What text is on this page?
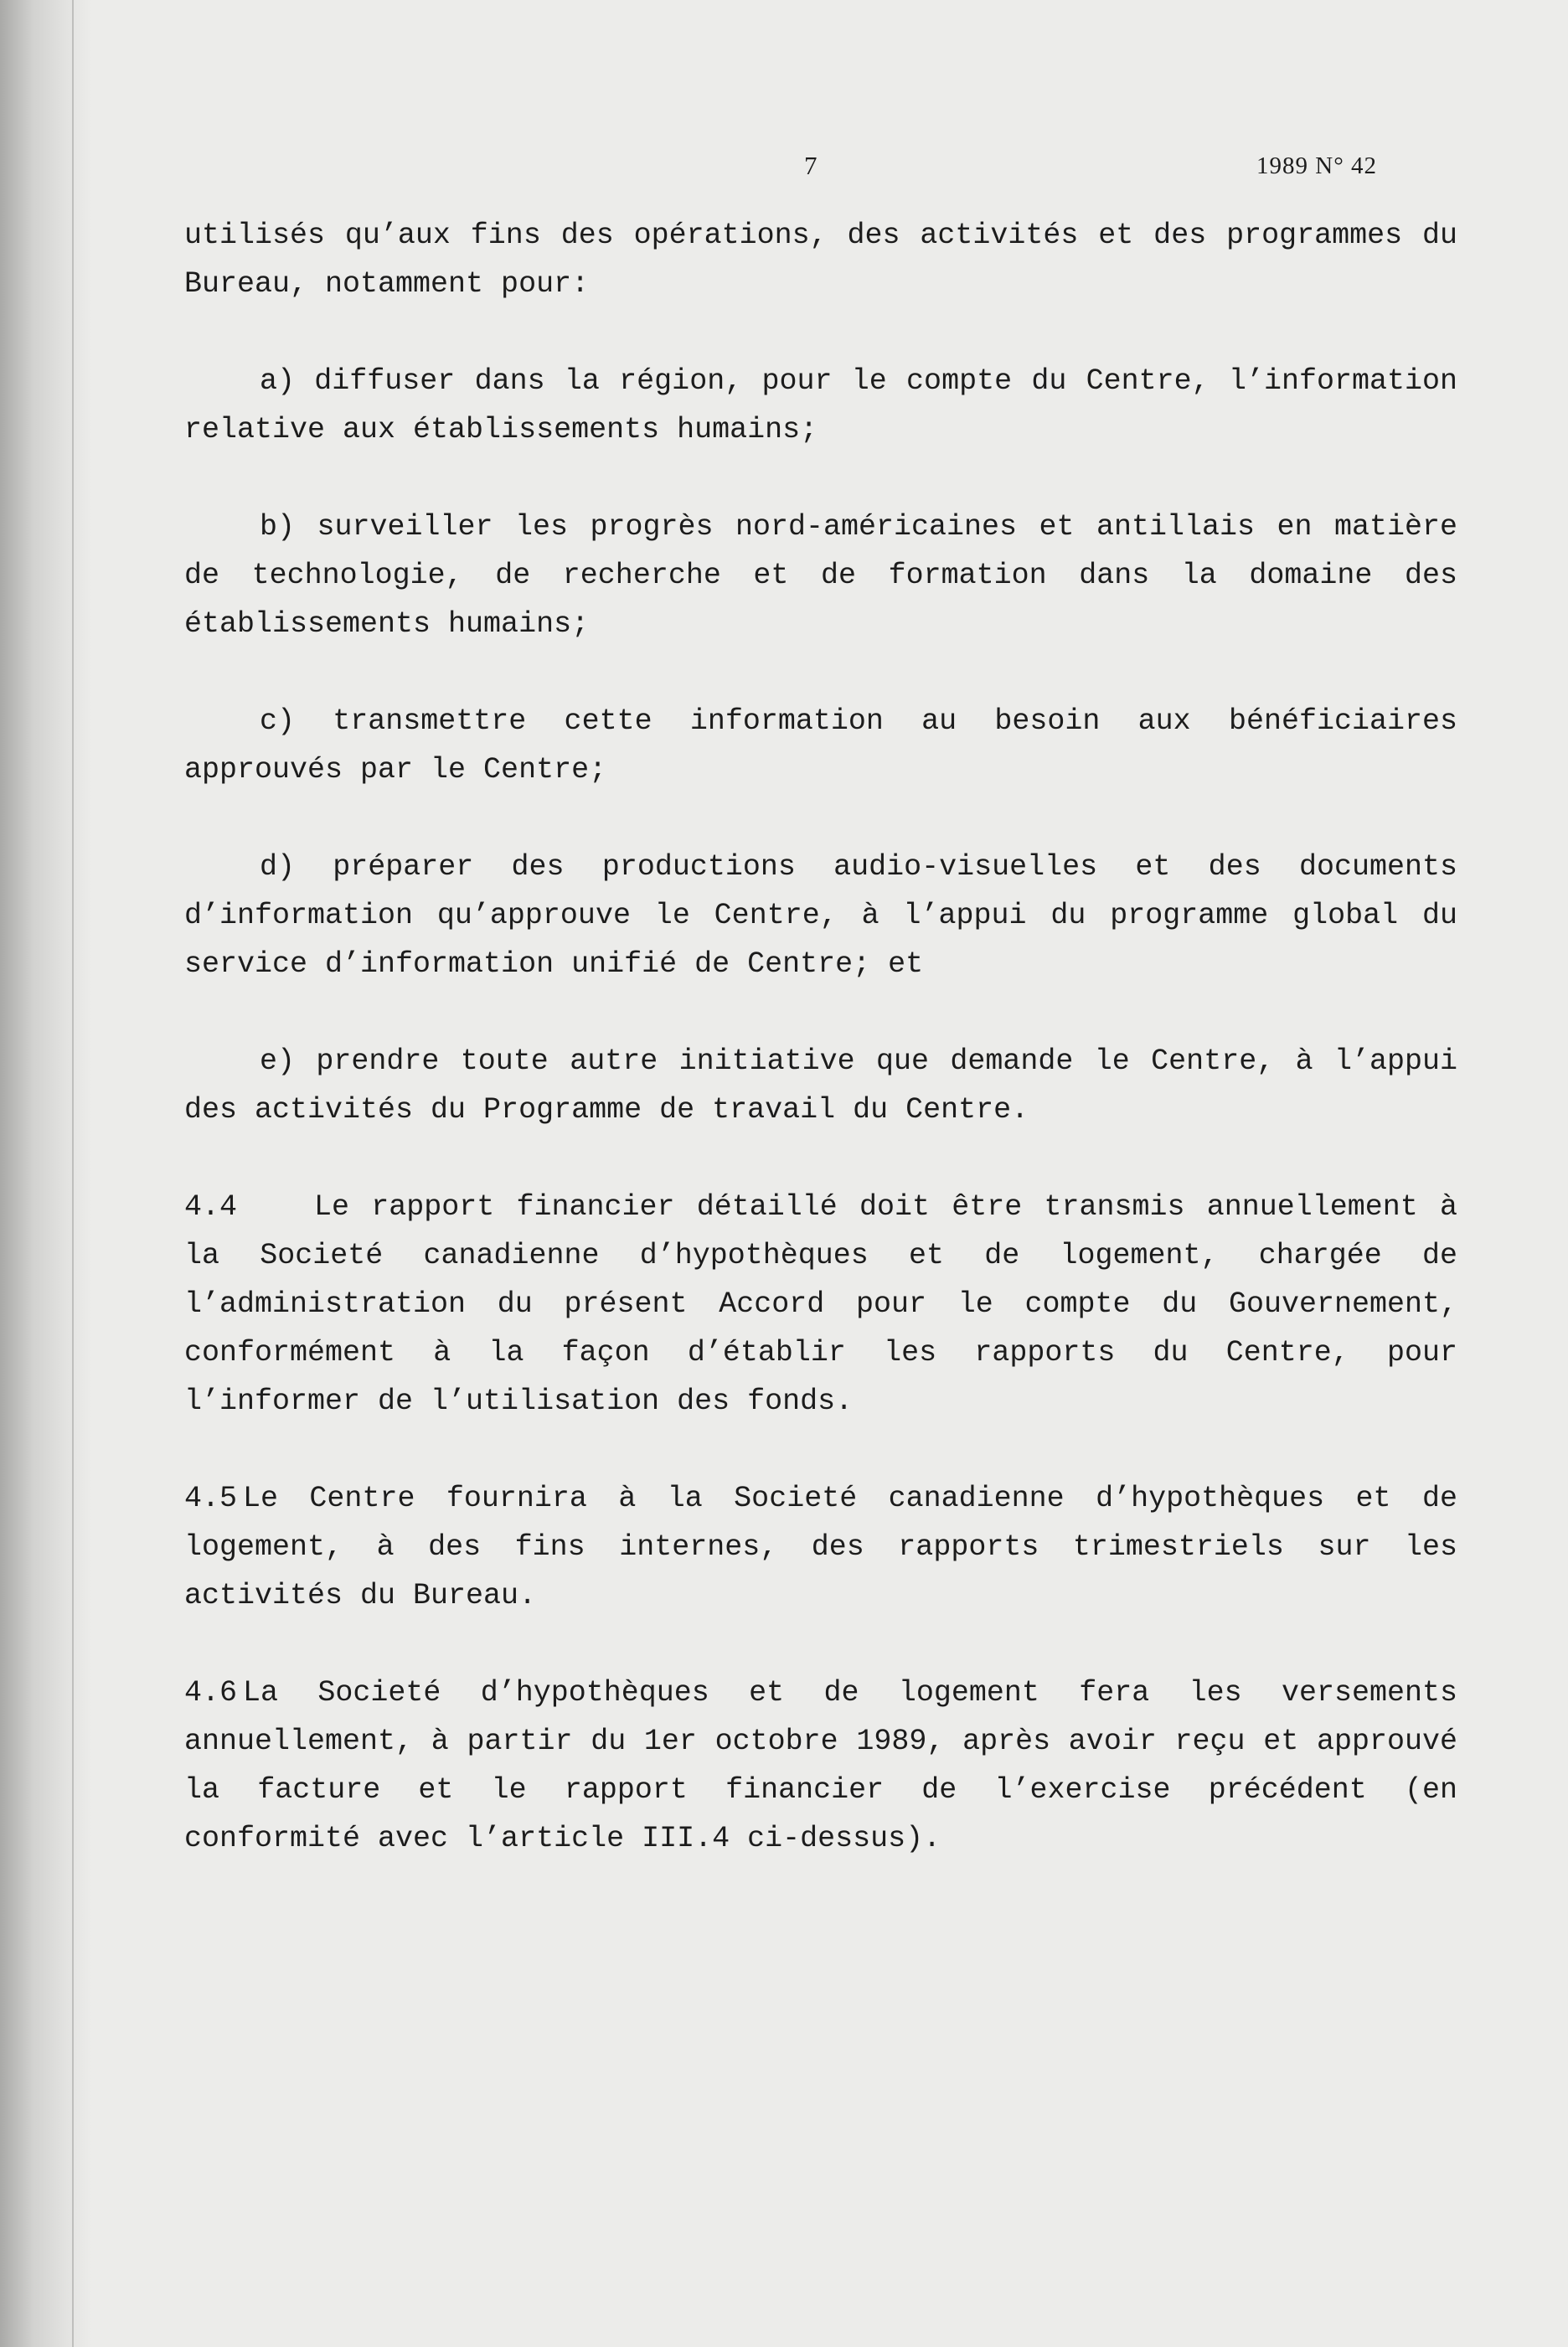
7	1989 N° 42

utilisés qu’aux fins des opérations, des activités et des programmes du Bureau, notamment pour:

a) diffuser dans la région, pour le compte du Centre, l’information relative aux établissements humains;

b) surveiller les progrès nord-américaines et antillais en matière de technologie, de recherche et de formation dans la domaine des établissements humains;

c) transmettre cette information au besoin aux bénéficiaires approuvés par le Centre;

d) préparer des productions audio-visuelles et des documents d’information qu’approuve le Centre, à l’appui du programme global du service d’information unifié de Centre; et

e) prendre toute autre initiative que demande le Centre, à l’appui des activités du Programme de travail du Centre.

4.4	Le rapport financier détaillé doit être transmis annuellement à la Societé canadienne d’hypothèques et de logement, chargée de l’administration du présent Accord pour le compte du Gouvernement, conformément à la façon d’établir les rapports du Centre, pour l’informer de l’utilisation des fonds.

4.5 Le Centre fournira à la Societé canadienne d’hypothèques et de logement, à des fins internes, des rapports trimestriels sur les activités du Bureau.

4.6 La Societé d’hypothèques et de logement fera les versements annuellement, à partir du 1er octobre 1989, après avoir reçu et approuvé la facture et le rapport financier de l’exercise précédent (en conformité avec l’article III.4 ci-dessus).
